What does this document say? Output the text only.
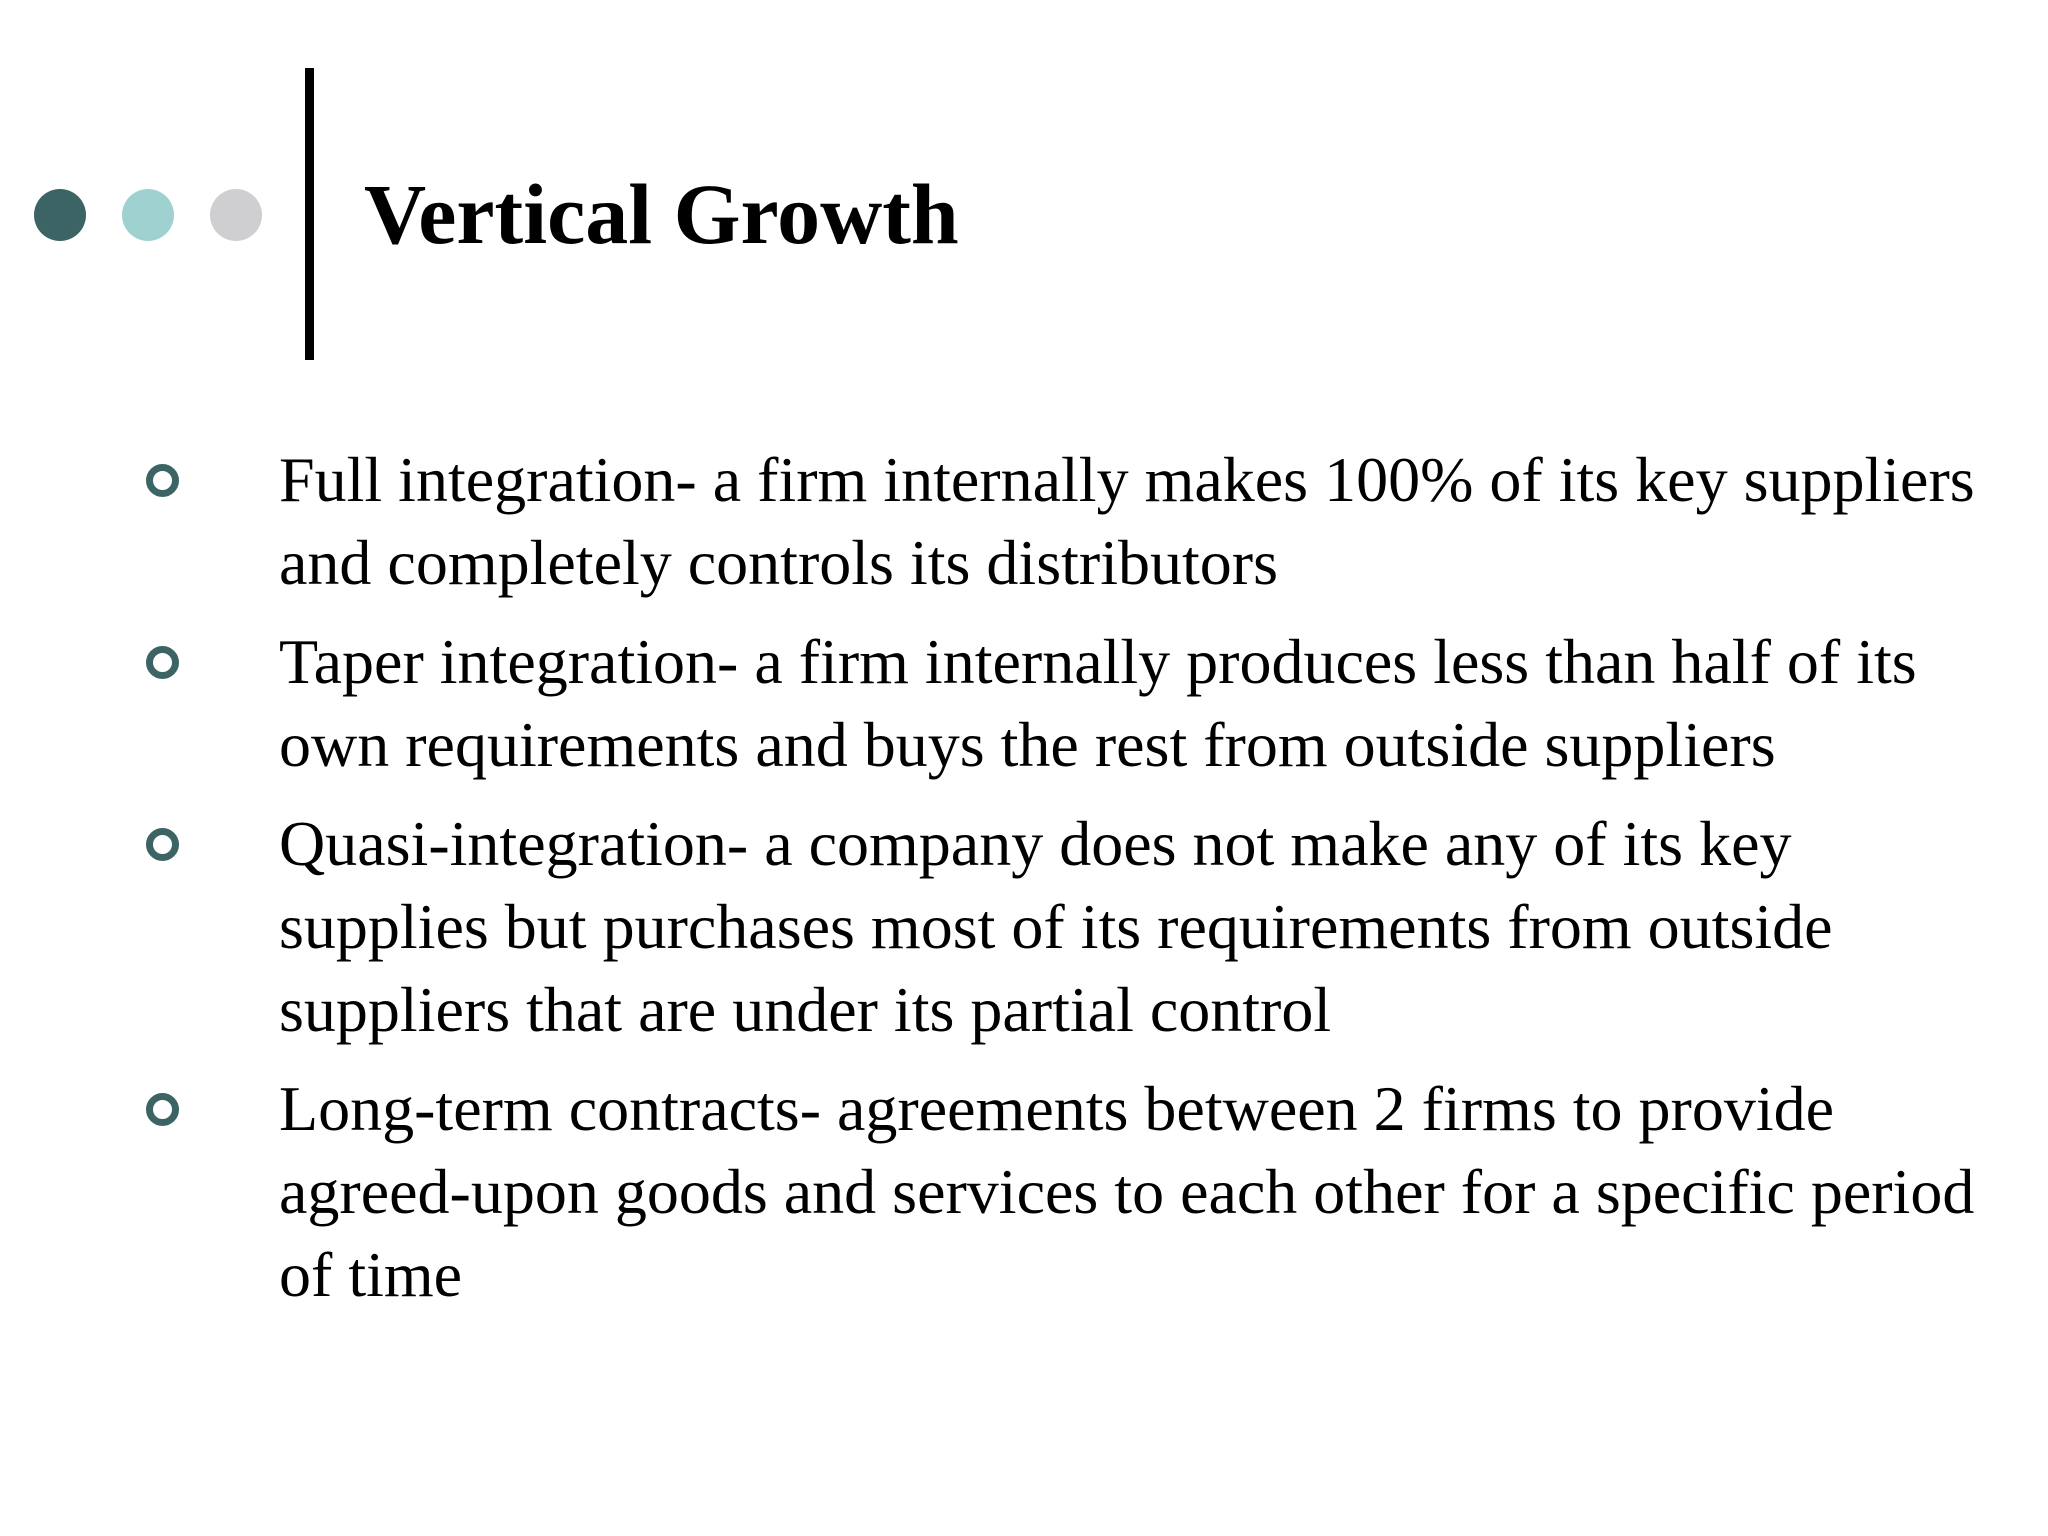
Vertical Growth
Full integration- a firm internally makes 100% of its key suppliers and completely controls its distributors
Taper integration- a firm internally produces less than half of its own requirements and buys the rest from outside suppliers
Quasi-integration- a company does not make any of its key supplies but purchases most of its requirements from outside suppliers that are under its partial control
Long-term contracts- agreements between 2 firms to provide agreed-upon goods and services to each other for a specific period of time
